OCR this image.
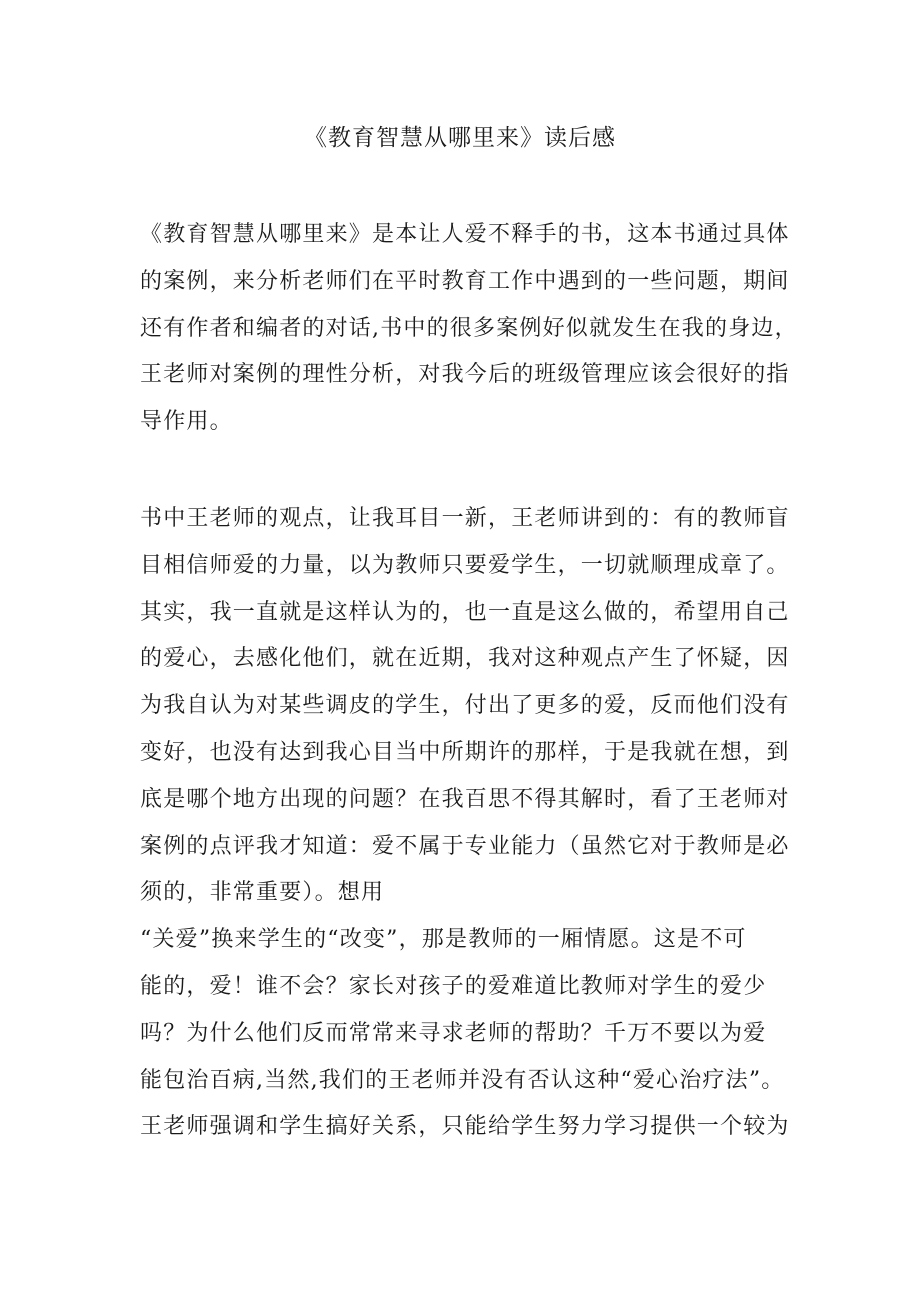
《教育智慧从哪里来》读后感
《教育智慧从哪里来》是本让人爱不释手的书，这本书通过具体
的案例，来分析老师们在平时教育工作中遇到的一些问题，期间
还有作者和编者的对话,书中的很多案例好似就发生在我的身边，
王老师对案例的理性分析，对我今后的班级管理应该会很好的指
导作用。
书中王老师的观点，让我耳目一新，王老师讲到的：有的教师盲
目相信师爱的力量，以为教师只要爱学生，一切就顺理成章了。
其实，我一直就是这样认为的，也一直是这么做的，希望用自己
的爱心，去感化他们，就在近期，我对这种观点产生了怀疑，因
为我自认为对某些调皮的学生，付出了更多的爱，反而他们没有
变好，也没有达到我心目当中所期许的那样，于是我就在想，到
底是哪个地方出现的问题？在我百思不得其解时，看了王老师对
案例的点评我才知道：爱不属于专业能力（虽然它对于教师是必
须的，非常重要）。想用
“关爱”换来学生的“改变”，那是教师的一厢情愿。这是不可
能的，爱！谁不会？家长对孩子的爱难道比教师对学生的爱少
吗？为什么他们反而常常来寻求老师的帮助？千万不要以为爱
能包治百病,当然,我们的王老师并没有否认这种“爱心治疗法”。
王老师强调和学生搞好关系，只能给学生努力学习提供一个较为
